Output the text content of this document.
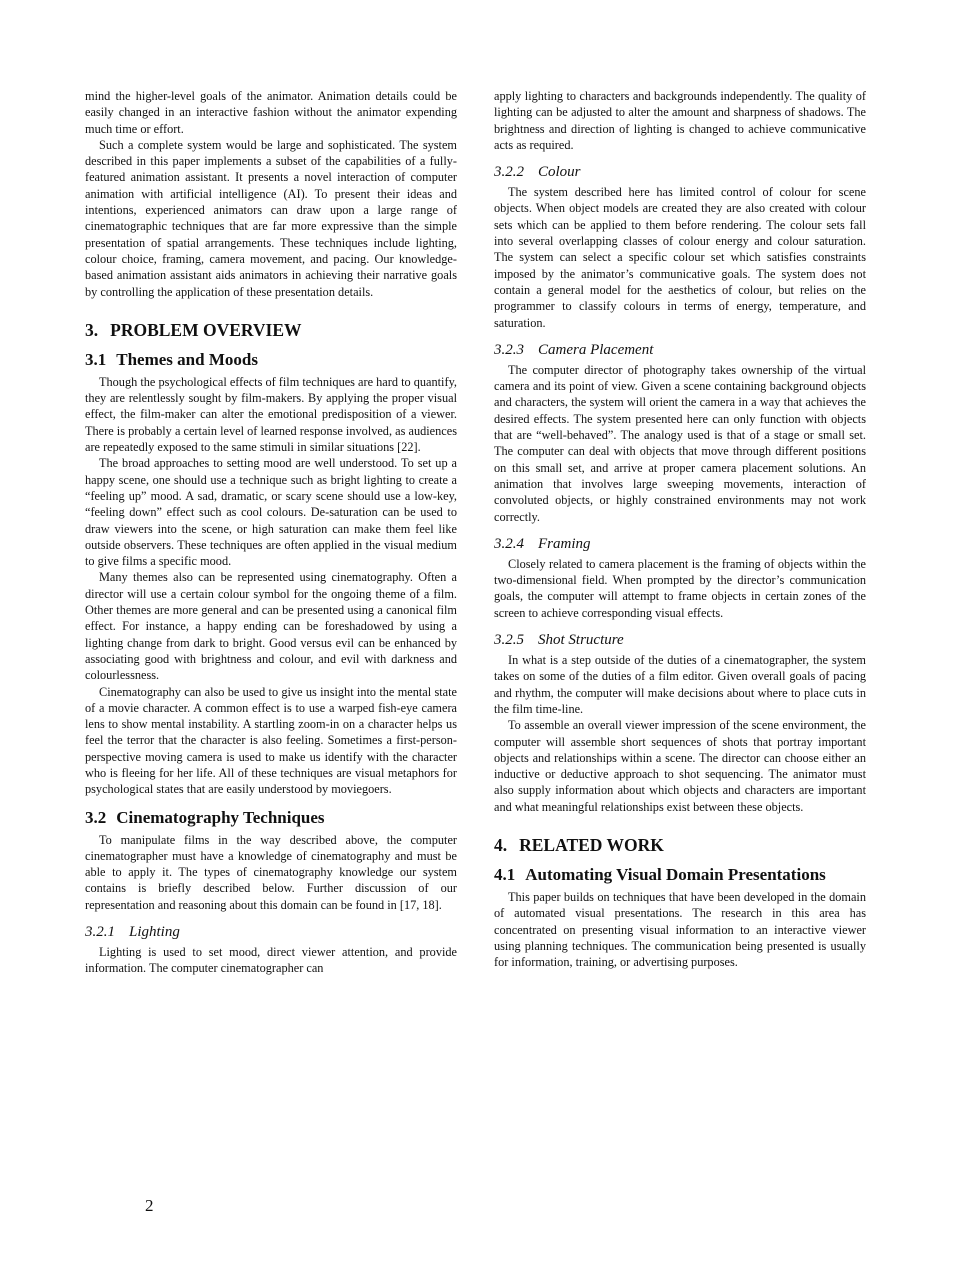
mind the higher-level goals of the animator. Animation details could be easily changed in an interactive fashion without the animator expending much time or effort.

Such a complete system would be large and sophisticated. The system described in this paper implements a subset of the capabilities of a fully-featured animation assistant. It presents a novel interaction of computer animation with artificial intelligence (AI). To present their ideas and intentions, experienced animators can draw upon a large range of cinematographic techniques that are far more expressive than the simple presentation of spatial arrangements. These techniques include lighting, colour choice, framing, camera movement, and pacing. Our knowledge-based animation assistant aids animators in achieving their narrative goals by controlling the application of these presentation details.

3. PROBLEM OVERVIEW
3.1 Themes and Moods

Though the psychological effects of film techniques are hard to quantify, they are relentlessly sought by film-makers. By applying the proper visual effect, the film-maker can alter the emotional predisposition of a viewer. There is probably a certain level of learned response involved, as audiences are repeatedly exposed to the same stimuli in similar situations [22].

The broad approaches to setting mood are well understood. To set up a happy scene, one should use a technique such as bright lighting to create a “feeling up” mood. A sad, dramatic, or scary scene should use a low-key, “feeling down” effect such as cool colours. De-saturation can be used to draw viewers into the scene, or high saturation can make them feel like outside observers. These techniques are often applied in the visual medium to give films a specific mood.

Many themes also can be represented using cinematography. Often a director will use a certain colour symbol for the ongoing theme of a film. Other themes are more general and can be presented using a canonical film effect. For instance, a happy ending can be foreshadowed by using a lighting change from dark to bright. Good versus evil can be enhanced by associating good with brightness and colour, and evil with darkness and colourlessness.

Cinematography can also be used to give us insight into the mental state of a movie character. A common effect is to use a warped fish-eye camera lens to show mental instability. A startling zoom-in on a character helps us feel the terror that the character is also feeling. Sometimes a first-person-perspective moving camera is used to make us identify with the character who is fleeing for her life. All of these techniques are visual metaphors for psychological states that are easily understood by moviegoers.

3.2 Cinematography Techniques

To manipulate films in the way described above, the computer cinematographer must have a knowledge of cinematography and must be able to apply it. The types of cinematography knowledge our system contains is briefly described below. Further discussion of our representation and reasoning about this domain can be found in [17, 18].

3.2.1 Lighting

Lighting is used to set mood, direct viewer attention, and provide information. The computer cinematographer can

apply lighting to characters and backgrounds independently. The quality of lighting can be adjusted to alter the amount and sharpness of shadows. The brightness and direction of lighting is changed to achieve communicative acts as required.

3.2.2 Colour

The system described here has limited control of colour for scene objects. When object models are created they are also created with colour sets which can be applied to them before rendering. The colour sets fall into several overlapping classes of colour energy and colour saturation. The system can select a specific colour set which satisfies constraints imposed by the animator’s communicative goals. The system does not contain a general model for the aesthetics of colour, but relies on the programmer to classify colours in terms of energy, temperature, and saturation.

3.2.3 Camera Placement

The computer director of photography takes ownership of the virtual camera and its point of view. Given a scene containing background objects and characters, the system will orient the camera in a way that achieves the desired effects. The system presented here can only function with objects that are “well-behaved”. The analogy used is that of a stage or small set. The computer can deal with objects that move through different positions on this small set, and arrive at proper camera placement solutions. An animation that involves large sweeping movements, interaction of convoluted objects, or highly constrained environments may not work correctly.

3.2.4 Framing

Closely related to camera placement is the framing of objects within the two-dimensional field. When prompted by the director’s communication goals, the computer will attempt to frame objects in certain zones of the screen to achieve corresponding visual effects.

3.2.5 Shot Structure

In what is a step outside of the duties of a cinematographer, the system takes on some of the duties of a film editor. Given overall goals of pacing and rhythm, the computer will make decisions about where to place cuts in the film time-line.

To assemble an overall viewer impression of the scene environment, the computer will assemble short sequences of shots that portray important objects and relationships within a scene. The director can choose either an inductive or deductive approach to shot sequencing. The animator must also supply information about which objects and characters are important and what meaningful relationships exist between these objects.

4. RELATED WORK
4.1 Automating Visual Domain Presentations

This paper builds on techniques that have been developed in the domain of automated visual presentations. The research in this area has concentrated on presenting visual information to an interactive viewer using planning techniques. The communication being presented is usually for information, training, or advertising purposes.

2
